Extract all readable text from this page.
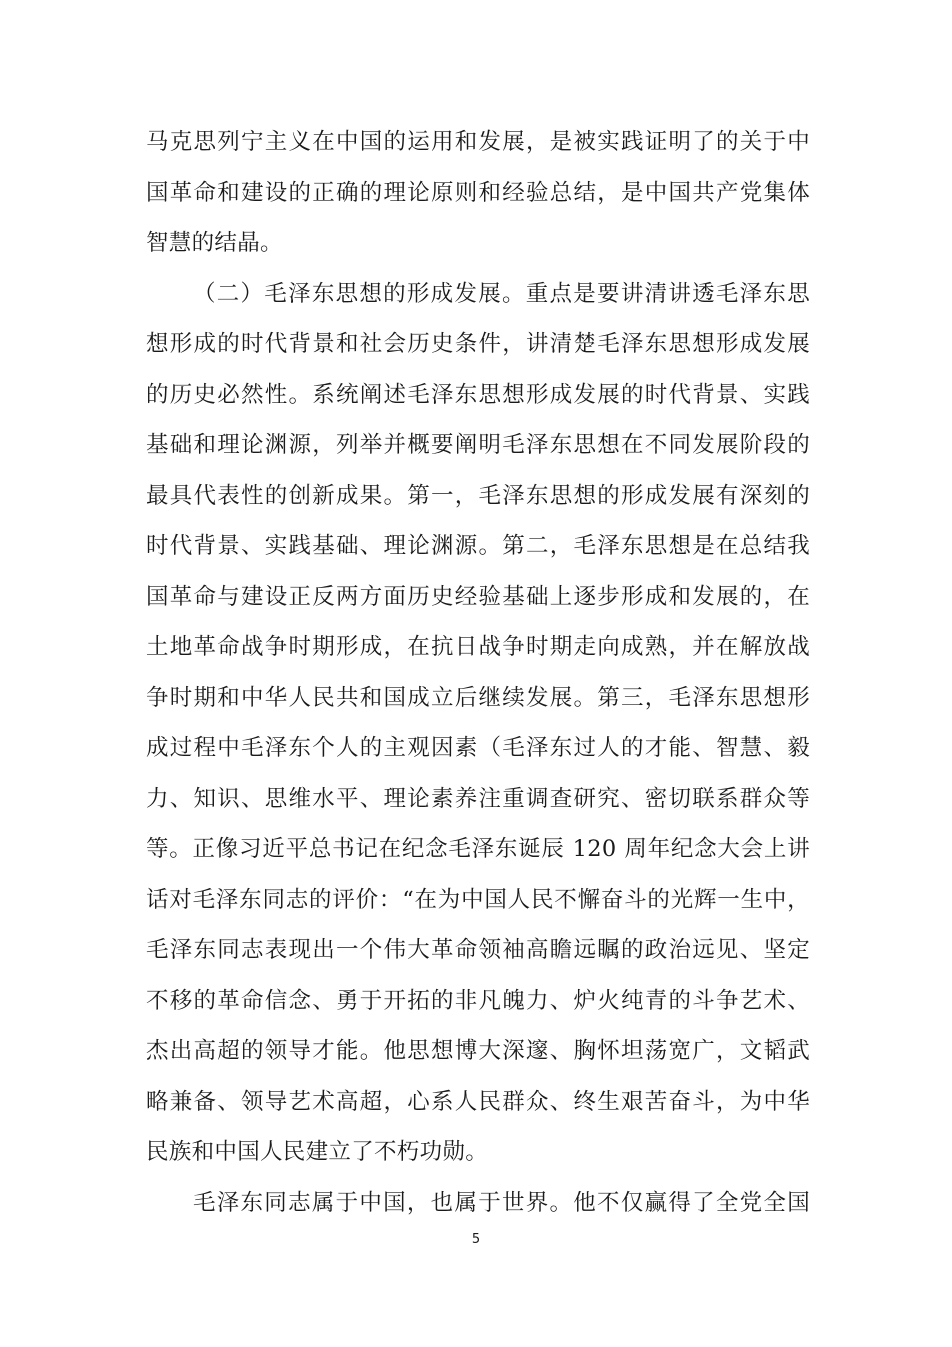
马克思列宁主义在中国的运用和发展，是被实践证明了的关于中
国革命和建设的正确的理论原则和经验总结，是中国共产党集体
智慧的结晶。
（二）毛泽东思想的形成发展。重点是要讲清讲透毛泽东思
想形成的时代背景和社会历史条件，讲清楚毛泽东思想形成发展
的历史必然性。系统阐述毛泽东思想形成发展的时代背景、实践
基础和理论渊源，列举并概要阐明毛泽东思想在不同发展阶段的
最具代表性的创新成果。第一，毛泽东思想的形成发展有深刻的
时代背景、实践基础、理论渊源。第二，毛泽东思想是在总结我
国革命与建设正反两方面历史经验基础上逐步形成和发展的，在
土地革命战争时期形成，在抗日战争时期走向成熟，并在解放战
争时期和中华人民共和国成立后继续发展。第三，毛泽东思想形
成过程中毛泽东个人的主观因素（毛泽东过人的才能、智慧、毅
力、知识、思维水平、理论素养注重调查研究、密切联系群众等
等。正像习近平总书记在纪念毛泽东诞辰 120 周年纪念大会上讲
话对毛泽东同志的评价：“在为中国人民不懈奋斗的光辉一生中，
毛泽东同志表现出一个伟大革命领袖高瞻远瞩的政治远见、坚定
不移的革命信念、勇于开拓的非凡魄力、炉火纯青的斗争艺术、
杰出高超的领导才能。他思想博大深邃、胸怀坦荡宽广，文韬武
略兼备、领导艺术高超，心系人民群众、终生艰苦奋斗，为中华
民族和中国人民建立了不朽功勋。
毛泽东同志属于中国，也属于世界。他不仅赢得了全党全国
5
